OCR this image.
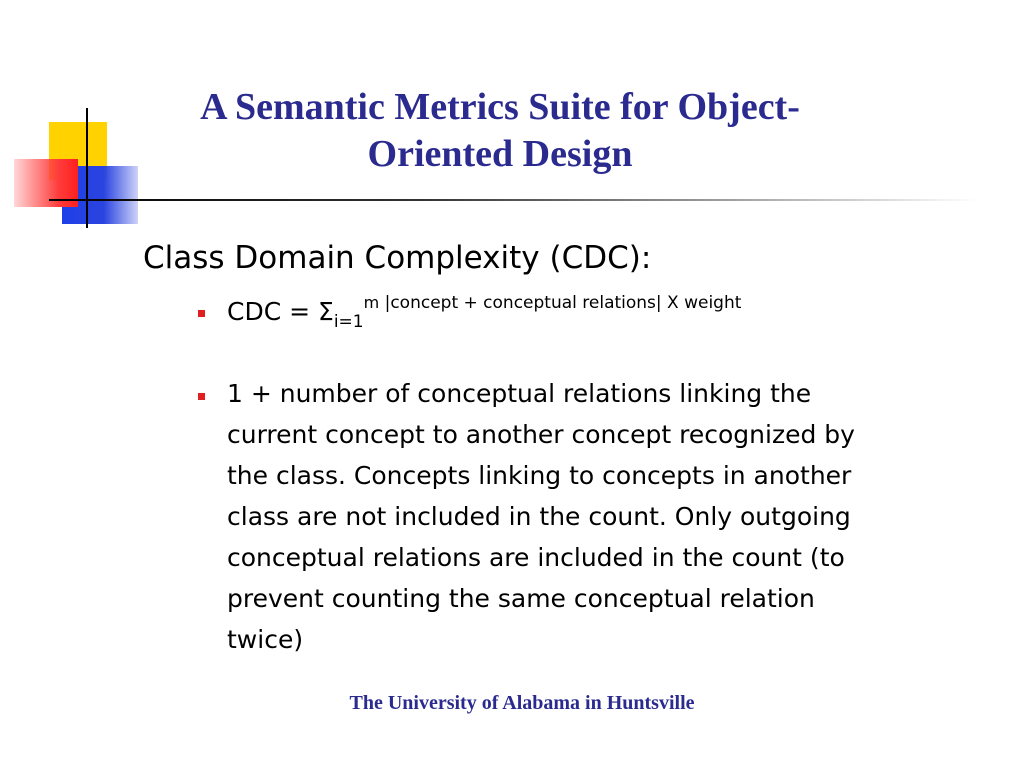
A Semantic Metrics Suite for Object-
Oriented Design

Class Domain Complexity (CDC):

CDC = $\Sigma_{i=1}^m$ $^{|concept + conceptual relations| X weight}$

1 + number of conceptual relations linking the
current concept to another concept recognized by
the class. Concepts linking to concepts in another
class are not included in the count. Only outgoing
conceptual relations are included in the count (to
prevent counting the same conceptual relation
twice)

The University of Alabama in Huntsville
